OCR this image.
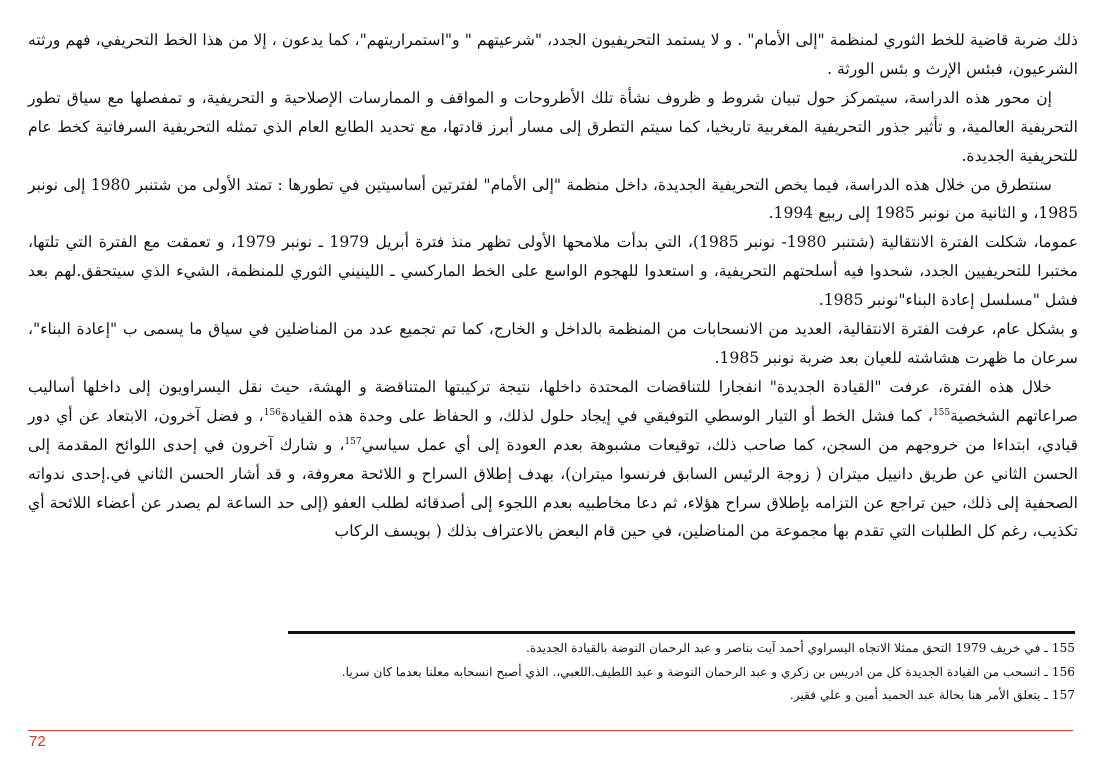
ذلك ضربة قاضية للخط الثوري لمنظمة "إلى الأمام" . و لا يستمد التحريفيون الجدد، "شرعيتهم " و"استمراريتهم"، كما يدعون ، إلا من هذا الخط التحريفي، فهم ورثته الشرعيون، فبئس الإرث و بئس الورثة .

إن محور هذه الدراسة، سيتمركز حول تبيان شروط و ظروف نشأة تلك الأطروحات و المواقف و الممارسات الإصلاحية و التحريفية، و تمفصلها مع سياق تطور التحريفية العالمية، و تأثير جذور التحريفية المغربية تاريخيا، كما سيتم التطرق إلى مسار أبرز قادتها، مع تحديد الطابع العام الذي تمثله التحريفية السرفاتية كخط عام للتحريفية الجديدة.

سنتطرق من خلال هذه الدراسة، فيما يخص التحريفية الجديدة، داخل منظمة "إلى الأمام" لفترتين أساسيتين في تطورها : تمتد الأولى من شتنبر 1980 إلى نونبر 1985، و الثانية من نونبر 1985 إلى ربيع 1994.

عموما، شكلت الفترة الانتقالية (شتنبر 1980- نونبر 1985)، التي بدأت ملامحها الأولى تظهر منذ فترة أبريل 1979 ـ نونبر 1979، و تعمقت مع الفترة التي تلتها، مختبرا للتحريفيين الجدد، شحدوا فيه أسلحتهم التحريفية، و استعدوا للهجوم الواسع على الخط الماركسي ـ اللينيني الثوري للمنظمة، الشيء الذي سيتحقق.لهم بعد فشل "مسلسل إعادة البناء"نونبر 1985.

و بشكل عام، عرفت الفترة الانتقالية، العديد من الانسحابات من المنظمة بالداخل و الخارج، كما تم تجميع عدد من المناضلين في سياق ما يسمى ب "إعادة البناء"، سرعان ما ظهرت هشاشته للعيان بعد ضربة نونبر 1985.

خلال هذه الفترة، عرفت "القيادة الجديدة" انفجارا للتناقضات المحتدة داخلها، نتيجة تركيبتها المتناقضة و الهشة، حيث نقل اليسراويون إلى داخلها أساليب صراعاتهم الشخصية$^{155}$، كما فشل الخط أو التيار الوسطي التوفيقي في إيجاد حلول لذلك، و الحفاظ على وحدة هذه القيادة$^{156}$، و فضل آخرون، الابتعاد عن أي دور قيادي، ابتداءا من خروجهم من السجن، كما صاحب ذلك، توقيعات مشبوهة بعدم العودة إلى أي عمل سياسي$^{157}$، و شارك آخرون في إحدى اللوائح المقدمة إلى الحسن الثاني عن طريق دانييل ميتران ( زوجة الرئيس السابق فرنسوا ميتران)، بهدف إطلاق السراح و اللائحة معروفة، و قد أشار الحسن الثاني في.إحدى ندواته الصحفية إلى ذلك، حين تراجع عن التزامه بإطلاق سراح هؤلاء، ثم دعا مخاطبيه بعدم اللجوء إلى أصدقائه لطلب العفو (إلى حد الساعة لم يصدر عن أعضاء اللائحة أي تكذيب، رغم كل الطلبات التي تقدم بها مجموعة من المناضلين، في حين قام البعض بالاعتراف بذلك ( بويسف الركاب

155 ـ في خريف 1979 التحق ممثلا الاتجاه اليسراوي أحمد آيت بناصر و عبد الرحمان النوضة بالقيادة الجديدة.

156 ـ انسحب من القيادة الجديدة كل من ادريس بن زكري و عبد الرحمان النوضة و عبد اللطيف.اللعبي،. الذي أصبح انسحابه معلنا بعدما كان سريا.

157 ـ يتعلق الأمر هنا بحالة عبد الحميد أمين و علي فقير.

72
